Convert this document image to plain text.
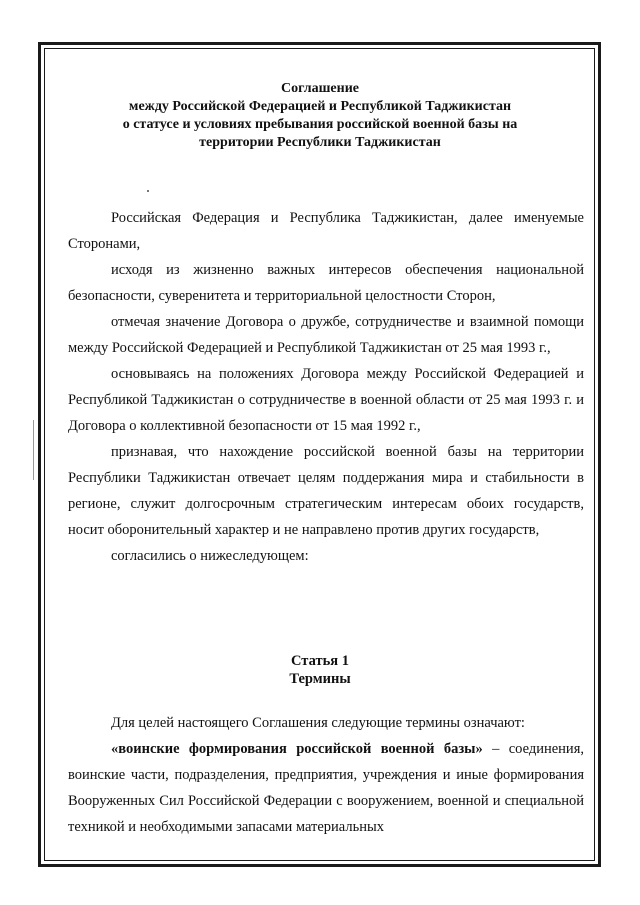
Соглашение
между Российской Федерацией и Республикой Таджикистан
о статусе и условиях пребывания российской военной базы на
территории Республики Таджикистан

Российская Федерация и Республика Таджикистан, далее именуемые Сторонами,

исходя из жизненно важных интересов обеспечения национальной безопасности, суверенитета и территориальной целостности Сторон,

отмечая значение Договора о дружбе, сотрудничестве и взаимной помощи между Российской Федерацией и Республикой Таджикистан от 25 мая 1993 г.,

основываясь на положениях Договора между Российской Федерацией и Республикой Таджикистан о сотрудничестве в военной области от 25 мая 1993 г. и Договора о коллективной безопасности от 15 мая 1992 г.,

признавая, что нахождение российской военной базы на территории Республики Таджикистан отвечает целям поддержания мира и стабильности в регионе, служит долгосрочным стратегическим интересам обоих государств, носит оборонительный характер и не направлено против других государств,

согласились о нижеследующем:

Статья 1
Термины

Для целей настоящего Соглашения следующие термины означают:

«воинские формирования российской военной базы» – соединения, воинские части, подразделения, предприятия, учреждения и иные формирования Вооруженных Сил Российской Федерации с вооружением, военной и специальной техникой и необходимыми запасами материальных
